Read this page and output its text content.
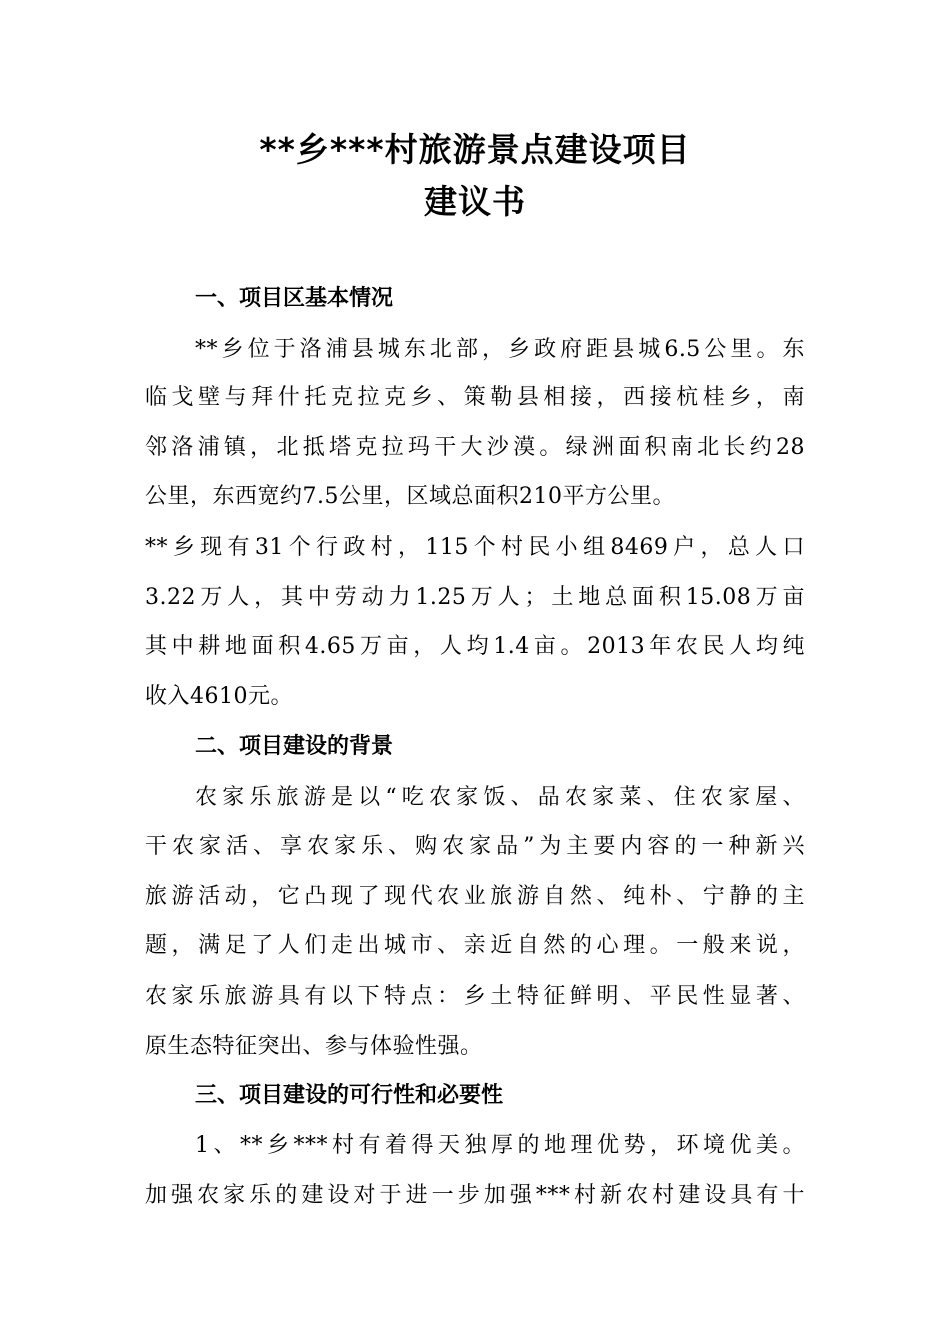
**乡***村旅游景点建设项目
建议书
一、项目区基本情况
**乡位于洛浦县城东北部，乡政府距县城6.5公里。东
临戈壁与拜什托克拉克乡、策勒县相接，西接杭桂乡，南
邻洛浦镇，北抵塔克拉玛干大沙漠。绿洲面积南北长约28
公里，东西宽约7.5公里，区域总面积210平方公里。
**乡现有31个行政村，115个村民小组8469户，总人口
3.22万人，其中劳动力1.25万人；土地总面积15.08万亩
其中耕地面积4.65万亩，人均1.4亩。2013年农民人均纯
收入4610元。
二、项目建设的背景
农家乐旅游是以“吃农家饭、品农家菜、住农家屋、
干农家活、享农家乐、购农家品”为主要内容的一种新兴
旅游活动，它凸现了现代农业旅游自然、纯朴、宁静的主
题，满足了人们走出城市、亲近自然的心理。一般来说，
农家乐旅游具有以下特点：乡土特征鲜明、平民性显著、
原生态特征突出、参与体验性强。
三、项目建设的可行性和必要性
1、**乡***村有着得天独厚的地理优势，环境优美。
加强农家乐的建设对于进一步加强***村新农村建设具有十
